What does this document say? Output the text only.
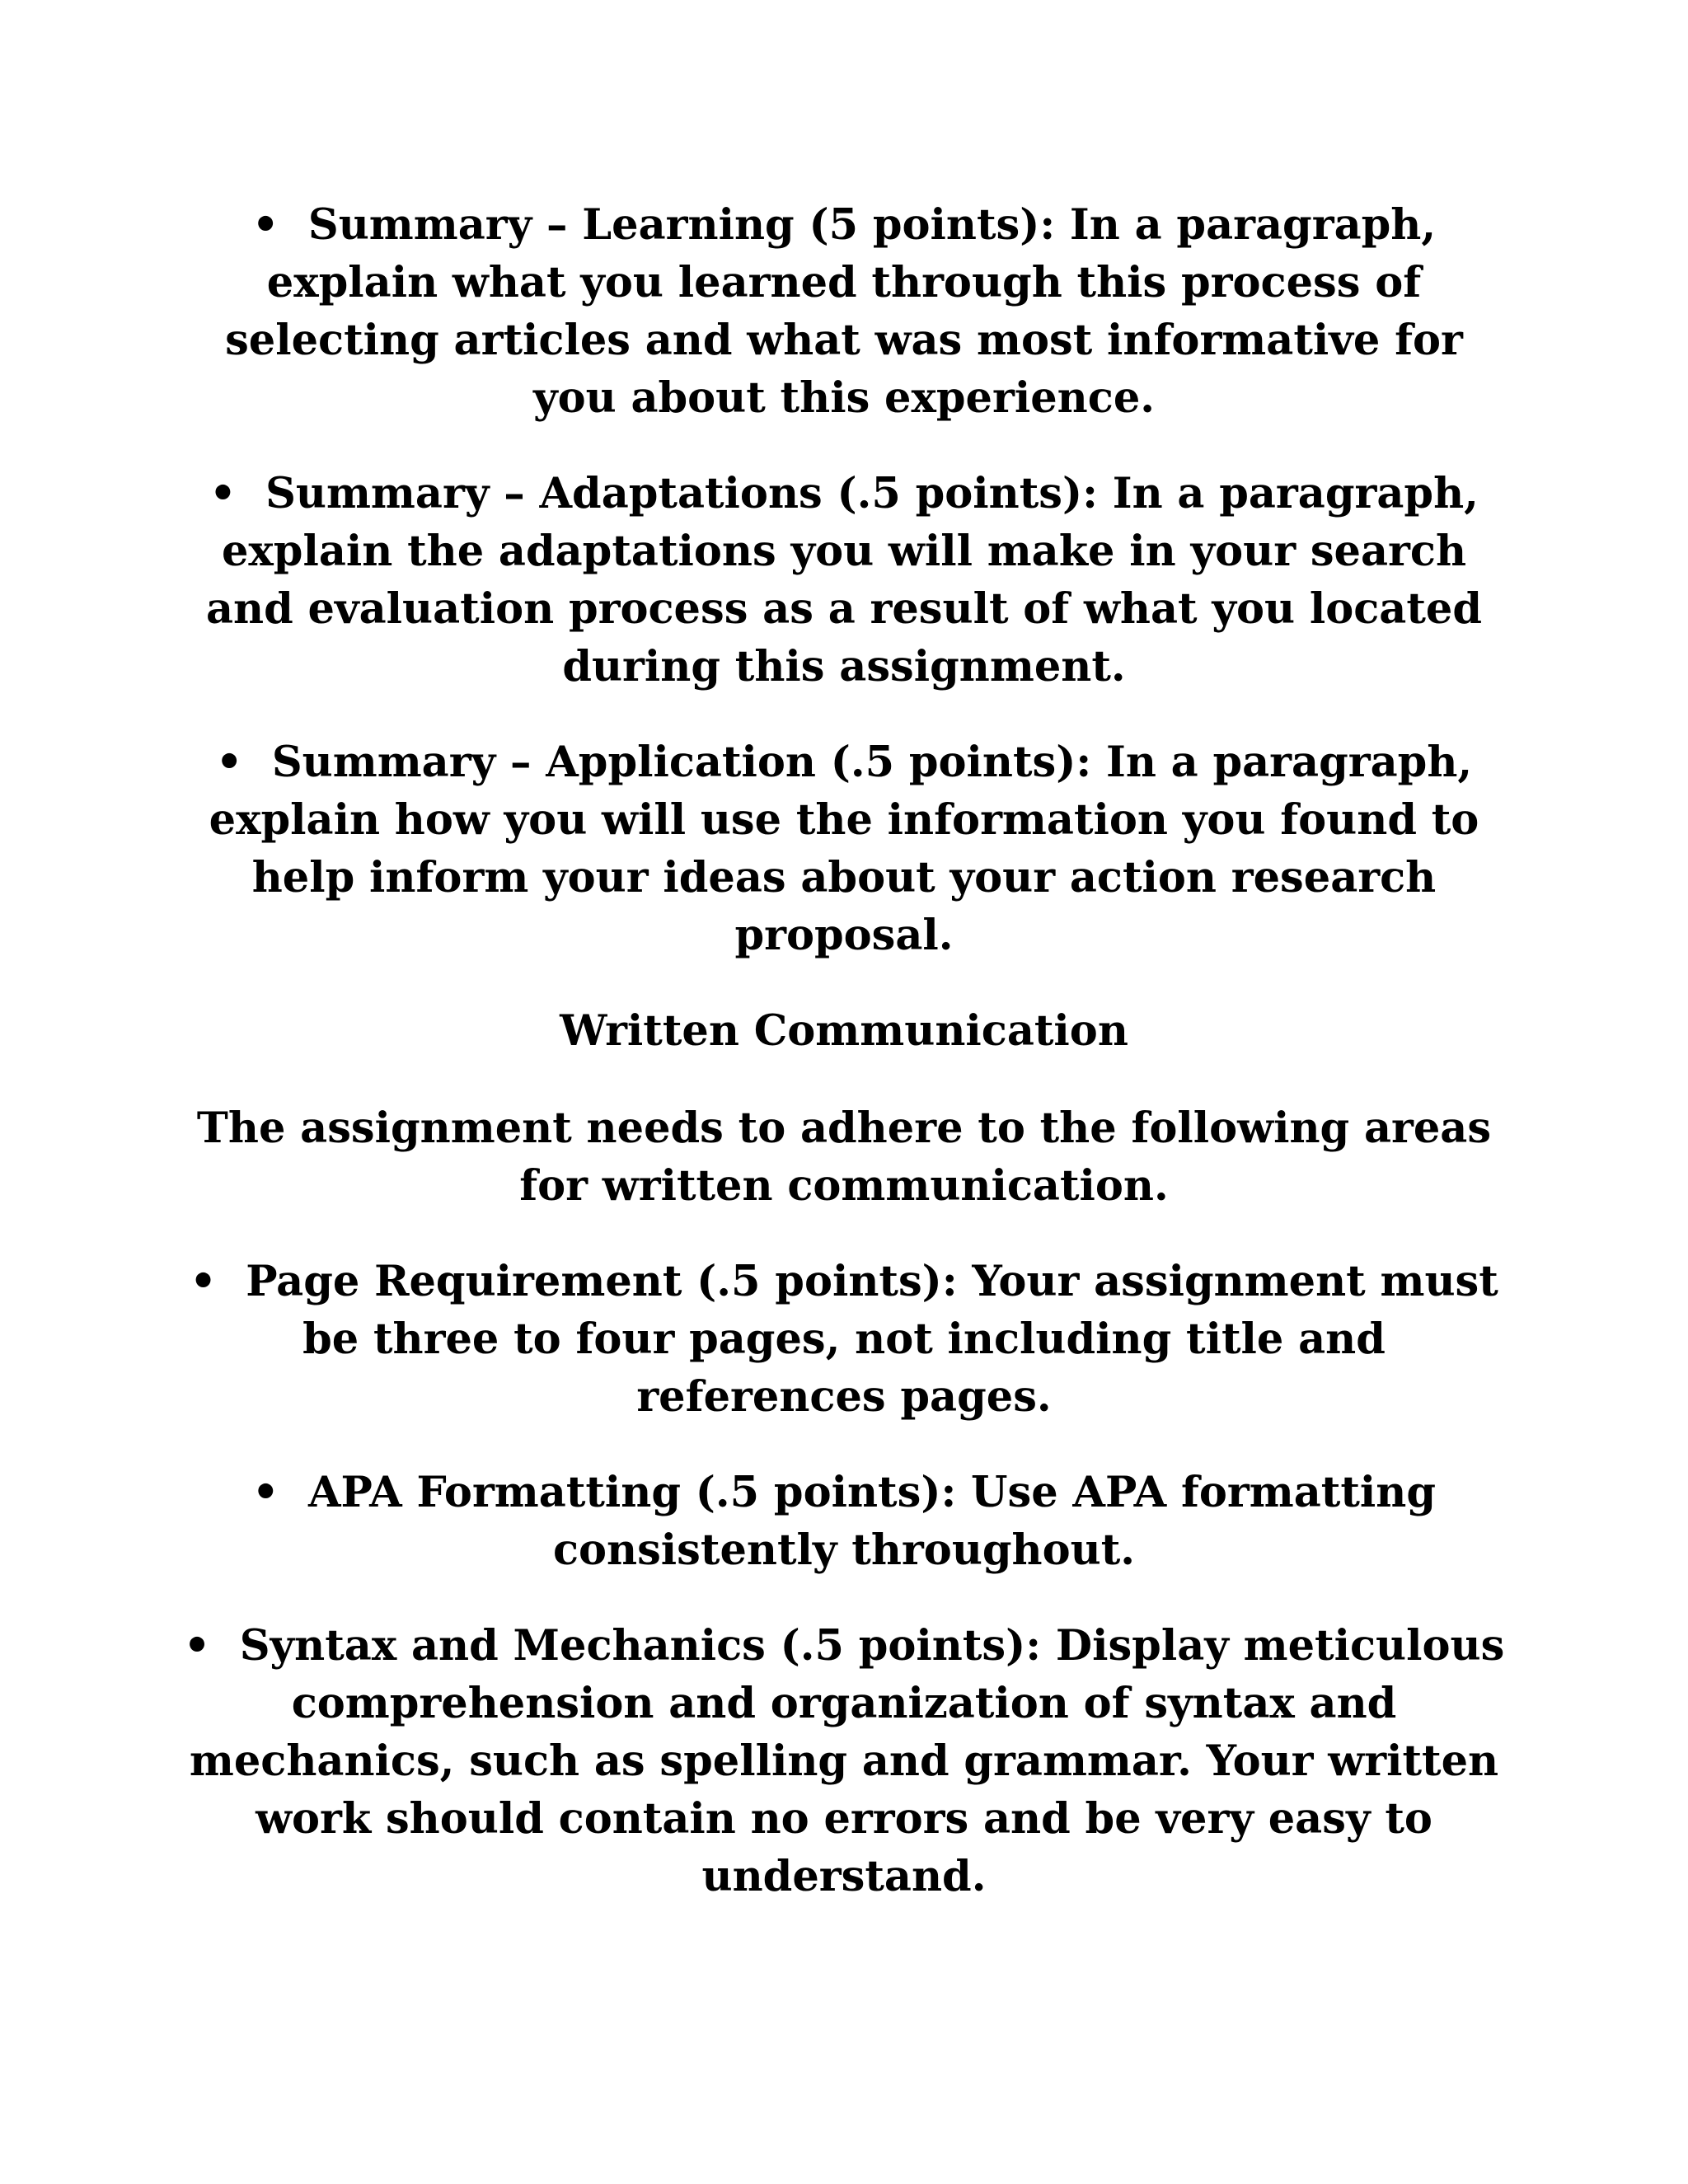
• Summary – Learning (5 points): In a paragraph, explain what you learned through this process of selecting articles and what was most informative for you about this experience.

• Summary – Adaptations (.5 points): In a paragraph, explain the adaptations you will make in your search and evaluation process as a result of what you located during this assignment.

• Summary – Application (.5 points): In a paragraph, explain how you will use the information you found to help inform your ideas about your action research proposal.

Written Communication

The assignment needs to adhere to the following areas for written communication.

• Page Requirement (.5 points): Your assignment must be three to four pages, not including title and references pages.

• APA Formatting (.5 points): Use APA formatting consistently throughout.

• Syntax and Mechanics (.5 points): Display meticulous comprehension and organization of syntax and mechanics, such as spelling and grammar. Your written work should contain no errors and be very easy to understand.
